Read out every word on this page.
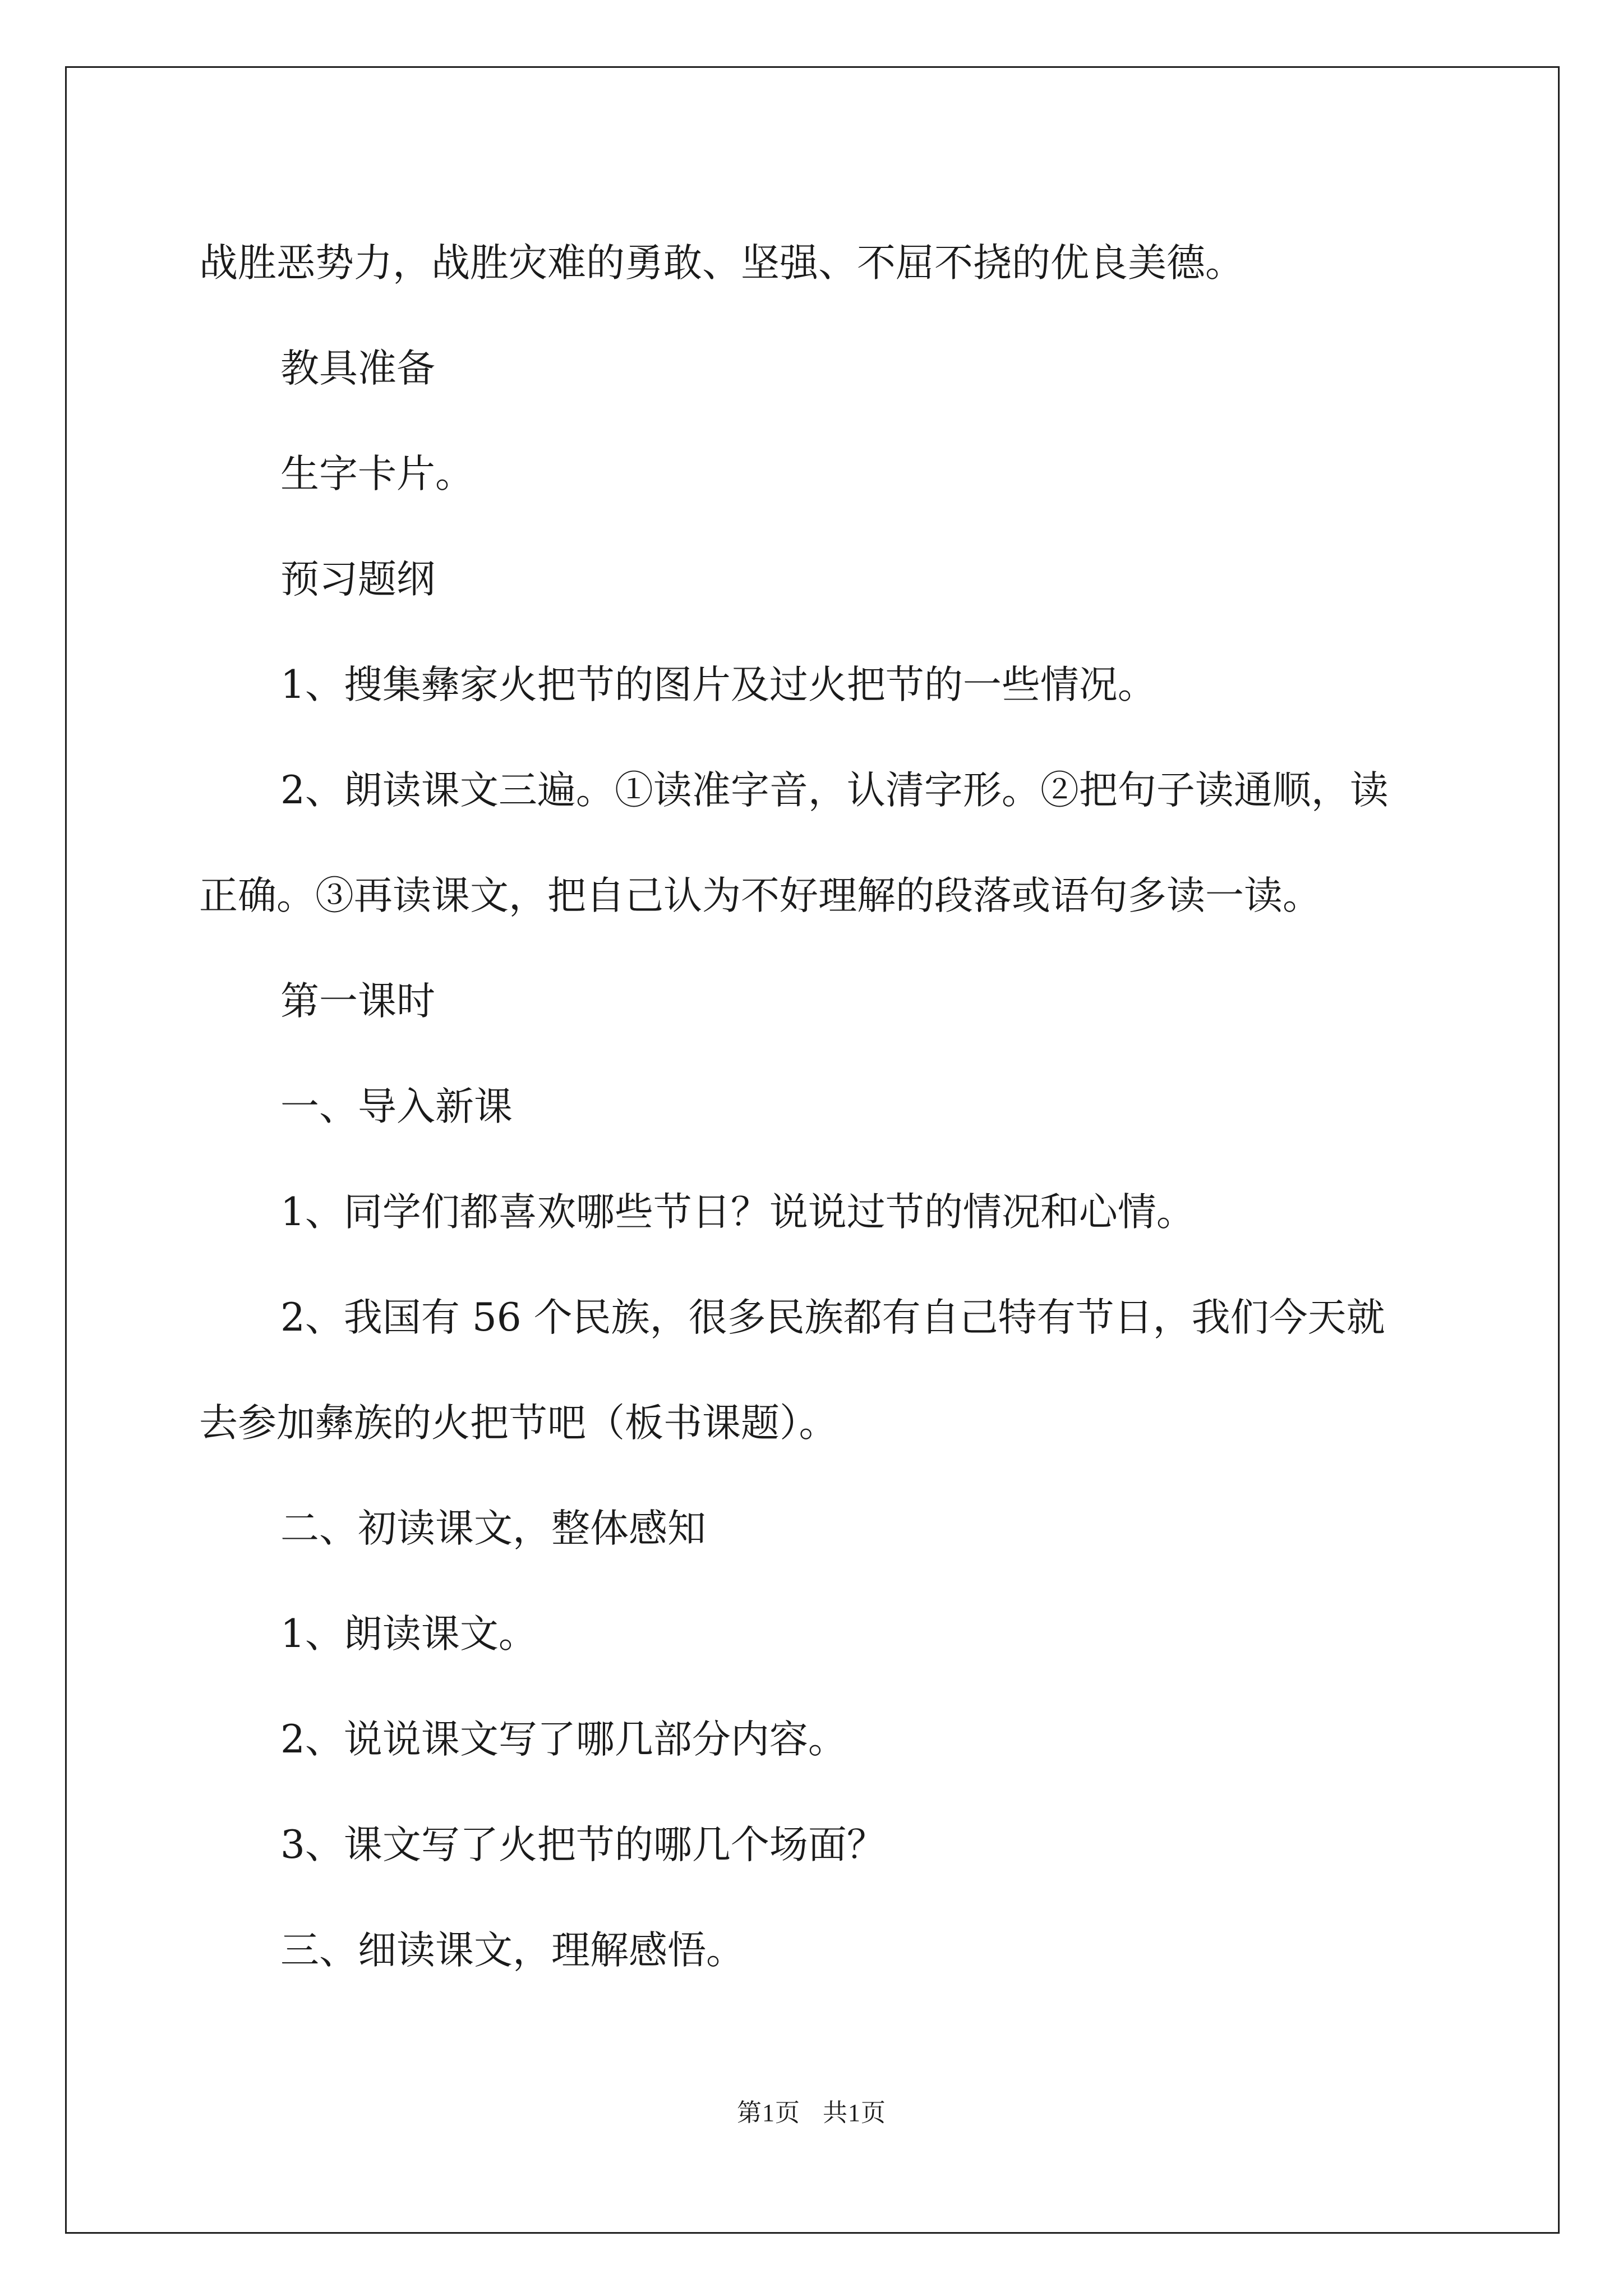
战胜恶势力，战胜灾难的勇敢、坚强、不屈不挠的优良美德。

教具准备

生字卡片。

预习题纲

1、搜集彝家火把节的图片及过火把节的一些情况。

2、朗读课文三遍。①读准字音，认清字形。②把句子读通顺，读

正确。③再读课文，把自己认为不好理解的段落或语句多读一读。

第一课时

一、导入新课

1、同学们都喜欢哪些节日？说说过节的情况和心情。

2、我国有 56 个民族，很多民族都有自己特有节日，我们今天就

去参加彝族的火把节吧（板书课题）。

二、初读课文，整体感知

1、朗读课文。

2、说说课文写了哪几部分内容。

3、课文写了火把节的哪几个场面？

三、细读课文，理解感悟。

第1页 共1页
